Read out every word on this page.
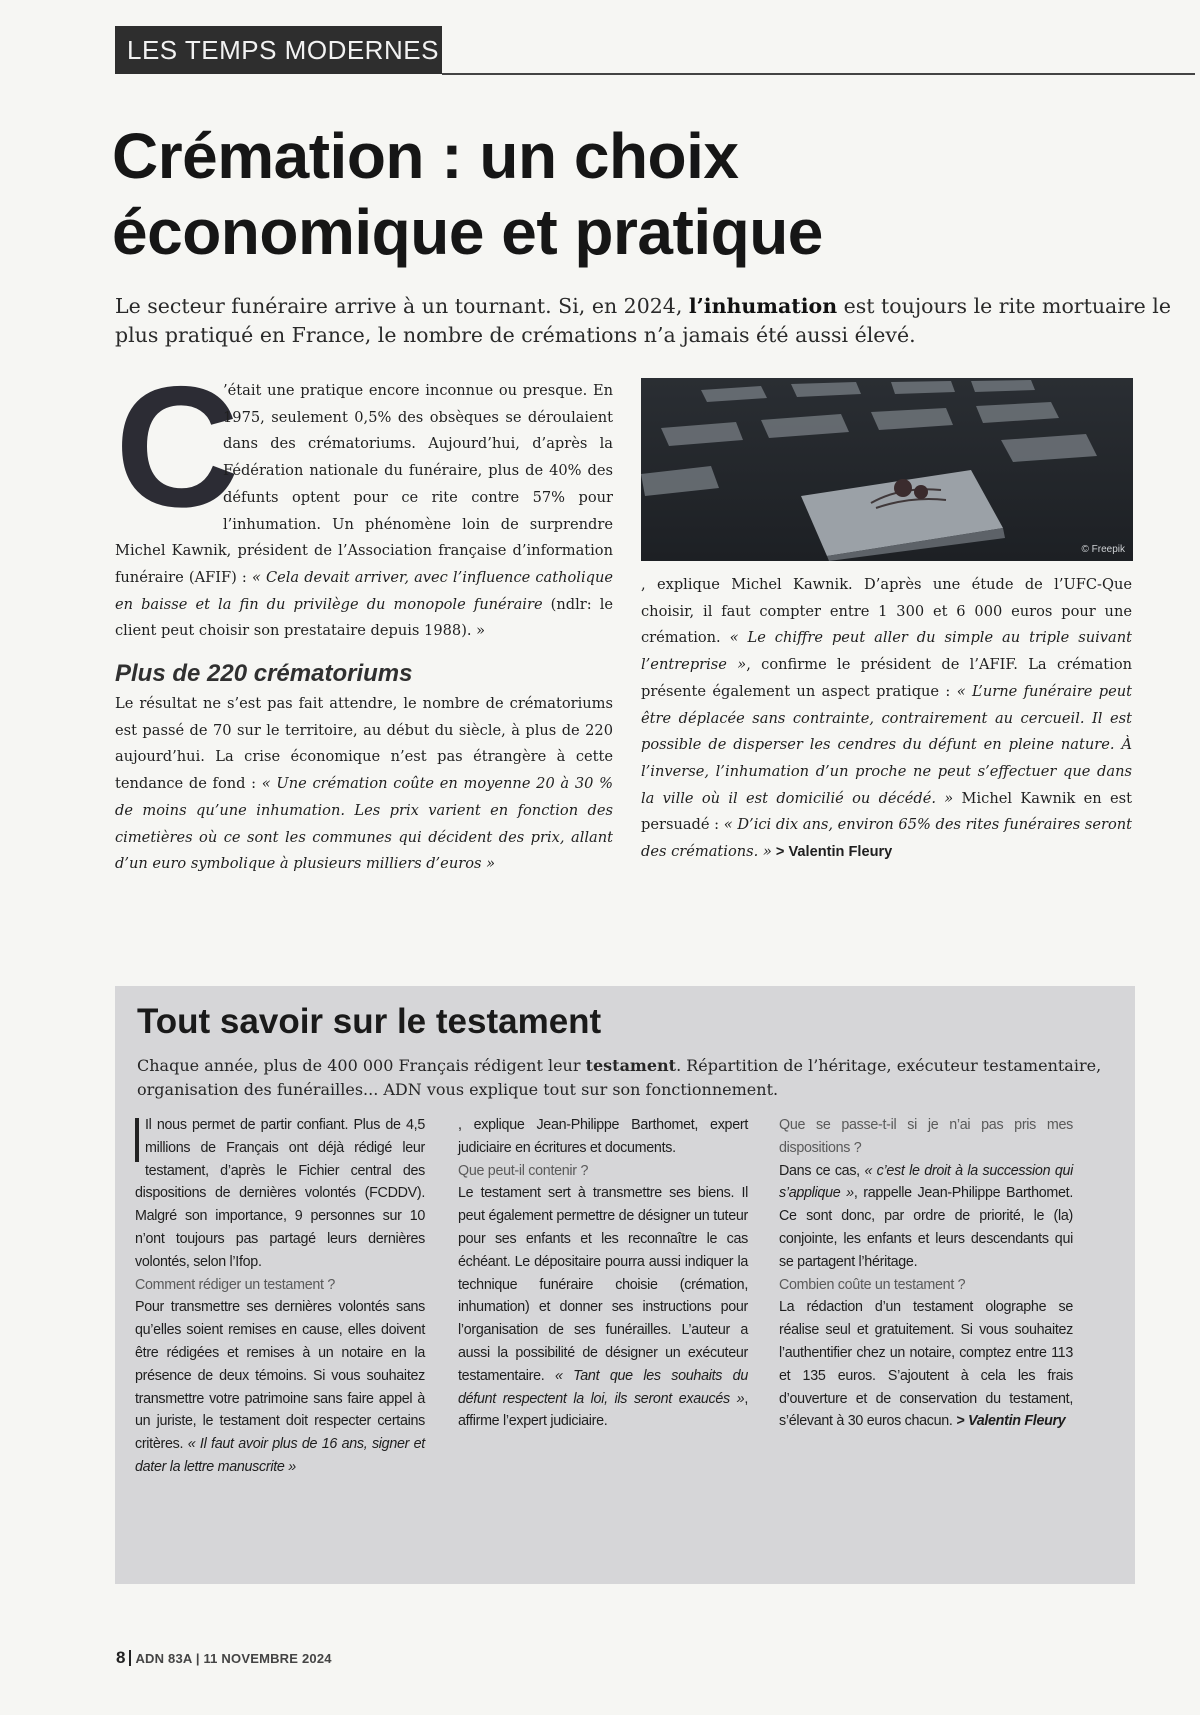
LES TEMPS MODERNES
Crémation : un choix économique et pratique

Le secteur funéraire arrive à un tournant. Si, en 2024, l’inhumation est toujours le rite mortuaire le plus pratiqué en France, le nombre de crémations n’a jamais été aussi élevé.

C

’était une pratique encore inconnue ou presque. En 1975, seulement 0,5% des obsèques se déroulaient dans des crématoriums. Aujourd’hui, d’après la Fédération nationale du funéraire, plus de 40% des défunts optent pour ce rite contre 57% pour l’inhumation. Un phénomène loin de surprendre Michel Kawnik, président de l’Association française d’information funéraire (AFIF) : « Cela devait arriver, avec l’influence catholique en baisse et la fin du privilège du monopole funéraire (ndlr: le client peut choisir son prestataire depuis 1988). »

Plus de 220 crématoriums

Le résultat ne s’est pas fait attendre, le nombre de crématoriums est passé de 70 sur le territoire, au début du siècle, à plus de 220 aujourd’hui. La crise économique n’est pas étrangère à cette tendance de fond : « Une crémation coûte en moyenne 20 à 30 % de moins qu’une inhumation. Les prix varient en fonction des cimetières où ce sont les communes qui décident des prix, allant d’un euro symbolique à plusieurs milliers d’euros »

© Freepik

, explique Michel Kawnik. D’après une étude de l’UFC-Que choisir, il faut compter entre 1 300 et 6 000 euros pour une crémation. « Le chiffre peut aller du simple au triple suivant l’entreprise », confirme le président de l’AFIF. La crémation présente également un aspect pratique : « L’urne funéraire peut être déplacée sans contrainte, contrairement au cercueil. Il est possible de disperser les cendres du défunt en pleine nature. À l’inverse, l’inhumation d’un proche ne peut s’effectuer que dans la ville où il est domicilié ou décédé. » Michel Kawnik en est persuadé : « D’ici dix ans, environ 65% des rites funéraires seront des crémations. » > Valentin Fleury

Tout savoir sur le testament

Chaque année, plus de 400 000 Français rédigent leur testament. Répartition de l’héritage, exécuteur testamentaire, organisation des funérailles... ADN vous explique tout sur son fonctionnement.

Il nous permet de partir confiant. Plus de 4,5 millions de Français ont déjà rédigé leur testament, d’après le Fichier central des dispositions de dernières volontés (FCDDV). Malgré son importance, 9 personnes sur 10 n’ont toujours pas partagé leurs dernières volontés, selon l’Ifop.

Comment rédiger un testament ?

Pour transmettre ses dernières volontés sans qu’elles soient remises en cause, elles doivent être rédigées et remises à un notaire en la présence de deux témoins. Si vous souhaitez transmettre votre patrimoine sans faire appel à un juriste, le testament doit respecter certains critères. « Il faut avoir plus de 16 ans, signer et dater la lettre manuscrite »

, explique Jean-Philippe Barthomet, expert judiciaire en écritures et documents.

Que peut-il contenir ?

Le testament sert à transmettre ses biens. Il peut également permettre de désigner un tuteur pour ses enfants et les reconnaître le cas échéant. Le dépositaire pourra aussi indiquer la technique funéraire choisie (crémation, inhumation) et donner ses instructions pour l’organisation de ses funérailles. L’auteur a aussi la possibilité de désigner un exécuteur testamentaire. « Tant que les souhaits du défunt respectent la loi, ils seront exaucés », affirme l’expert judiciaire.

Que se passe-t-il si je n’ai pas pris mes dispositions ?

Dans ce cas, « c’est le droit à la succession qui s’applique », rappelle Jean-Philippe Barthomet. Ce sont donc, par ordre de priorité, le (la) conjointe, les enfants et leurs descendants qui se partagent l’héritage.

Combien coûte un testament ?

La rédaction d’un testament olographe se réalise seul et gratuitement. Si vous souhaitez l’authentifier chez un notaire, comptez entre 113 et 135 euros. S’ajoutent à cela les frais d’ouverture et de conservation du testament, s’élevant à 30 euros chacun. > Valentin Fleury

8 ADN 83A | 11 NOVEMBRE 2024
